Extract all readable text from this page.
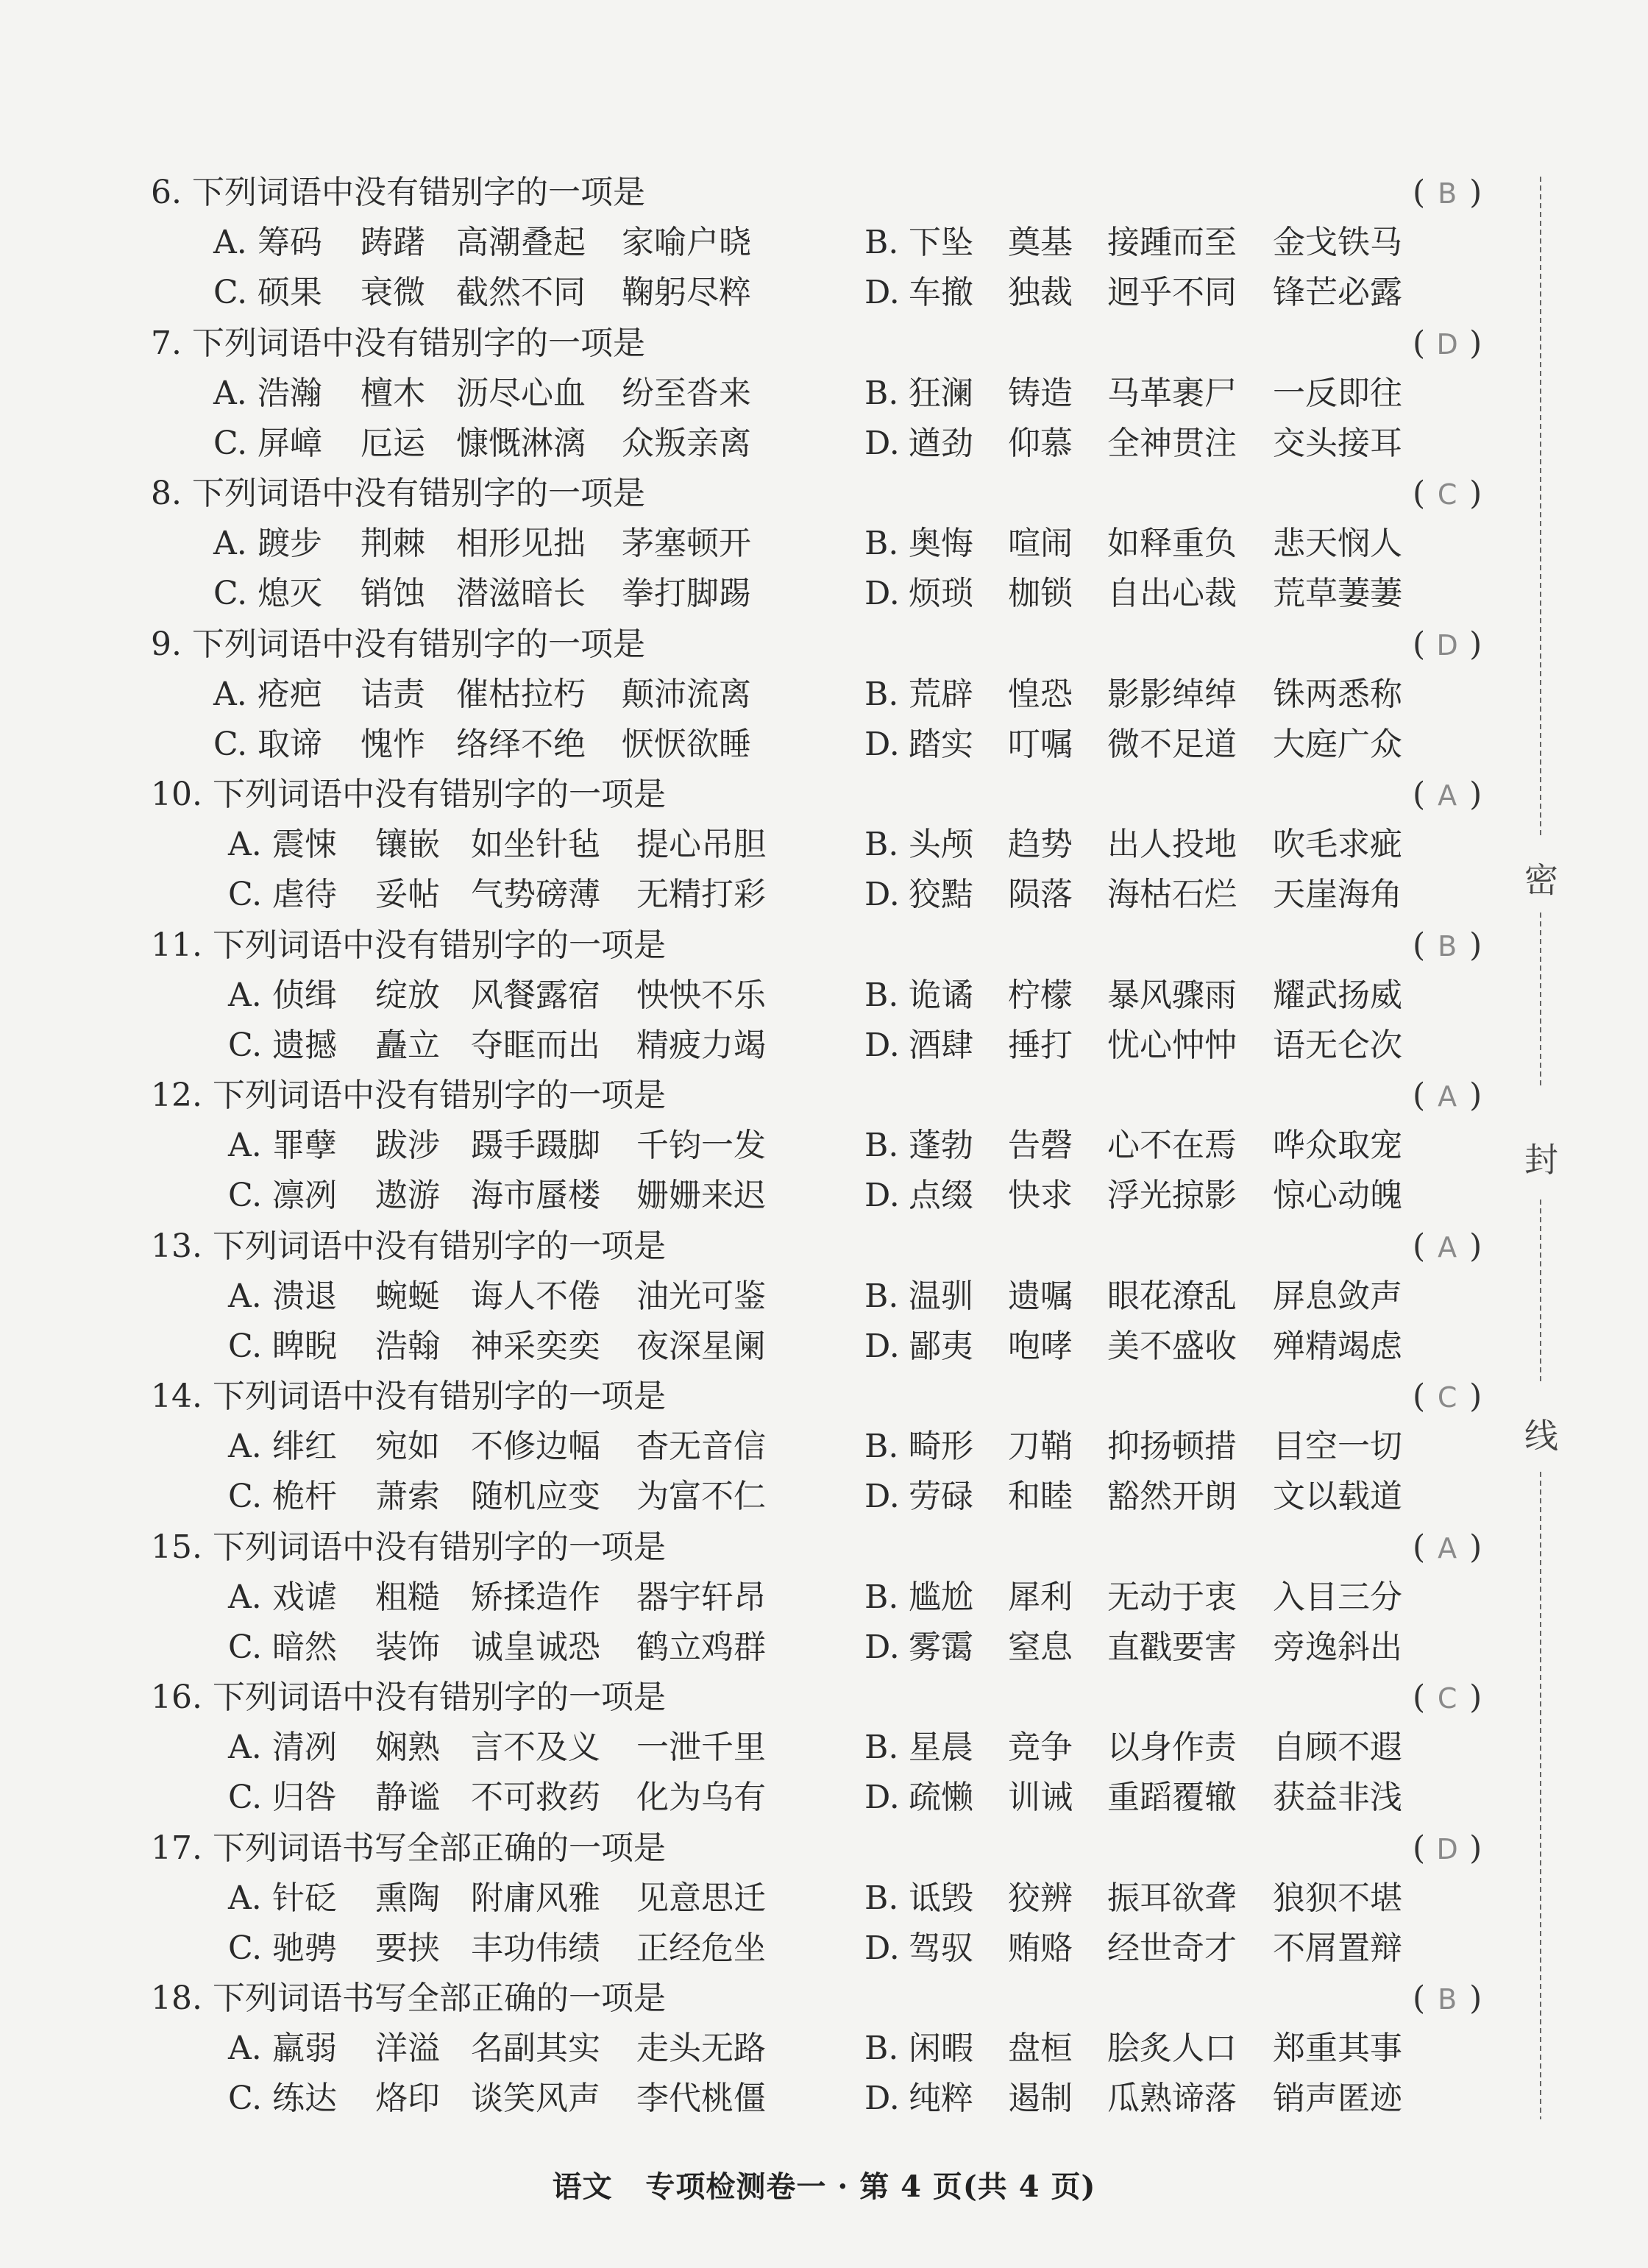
6. 下列词语中没有错别字的一项是	( B )
A. 筹码 踌躇 高潮叠起 家喻户晓	B. 下坠 奠基 接踵而至 金戈铁马
C. 硕果 衰微 截然不同 鞠躬尽粹	D. 车撤 独裁 迥乎不同 锋芒必露
7. 下列词语中没有错别字的一项是	( D )
A. 浩瀚 檀木 沥尽心血 纷至沓来	B. 狂澜 铸造 马革裹尸 一反即往
C. 屏嶂 厄运 慷慨淋漓 众叛亲离	D. 遒劲 仰慕 全神贯注 交头接耳
8. 下列词语中没有错别字的一项是	( C )
A. 踱步 荆棘 相形见拙 茅塞顿开	B. 奥悔 喧闹 如释重负 悲天悯人
C. 熄灭 销蚀 潜滋暗长 拳打脚踢	D. 烦琐 枷锁 自出心裁 荒草萋萋
9. 下列词语中没有错别字的一项是	( D )
A. 疮疤 诘责 催枯拉朽 颠沛流离	B. 荒辟 惶恐 影影绰绰 铢两悉称
C. 取谛 愧怍 络绎不绝 恹恹欲睡	D. 踏实 叮嘱 微不足道 大庭广众
10. 下列词语中没有错别字的一项是	( A )
A. 震悚 镶嵌 如坐针毡 提心吊胆	B. 头颅 趋势 出人投地 吹毛求疵
C. 虐待 妥帖 气势磅薄 无精打彩	D. 狡黠 陨落 海枯石烂 天崖海角
11. 下列词语中没有错别字的一项是	( B )
A. 侦缉 绽放 风餐露宿 怏怏不乐	B. 诡谲 柠檬 暴风骤雨 耀武扬威
C. 遗撼 矗立 夺眶而出 精疲力竭	D. 酒肆 捶打 忧心忡忡 语无仑次
12. 下列词语中没有错别字的一项是	( A )
A. 罪孽 跋涉 蹑手蹑脚 千钧一发	B. 蓬勃 告磬 心不在焉 哗众取宠
C. 凛冽 遨游 海市蜃楼 姗姗来迟	D. 点缀 快求 浮光掠影 惊心动魄
13. 下列词语中没有错别字的一项是	( A )
A. 溃退 蜿蜒 诲人不倦 油光可鉴	B. 温驯 遗嘱 眼花潦乱 屏息敛声
C. 睥睨 浩翰 神采奕奕 夜深星阑	D. 鄙夷 咆哮 美不盛收 殚精竭虑
14. 下列词语中没有错别字的一项是	( C )
A. 绯红 宛如 不修边幅 杳无音信	B. 畸形 刀鞘 抑扬顿措 目空一切
C. 桅杆 萧索 随机应变 为富不仁	D. 劳碌 和睦 豁然开朗 文以载道
15. 下列词语中没有错别字的一项是	( A )
A. 戏谑 粗糙 矫揉造作 器宇轩昂	B. 尴尬 犀利 无动于衷 入目三分
C. 暗然 装饰 诚皇诚恐 鹤立鸡群	D. 雾霭 窒息 直戳要害 旁逸斜出
16. 下列词语中没有错别字的一项是	( C )
A. 清冽 娴熟 言不及义 一泄千里	B. 星晨 竞争 以身作责 自顾不遐
C. 归咎 静谧 不可救药 化为乌有	D. 疏懒 训诫 重蹈覆辙 获益非浅
17. 下列词语书写全部正确的一项是	( D )
A. 针砭 熏陶 附庸风雅 见意思迁	B. 诋毁 狡辨 振耳欲聋 狼狈不堪
C. 驰骋 要挟 丰功伟绩 正经危坐	D. 驾驭 贿赂 经世奇才 不屑置辩
18. 下列词语书写全部正确的一项是	( B )
A. 羸弱 洋溢 名副其实 走头无路	B. 闲暇 盘桓 脍炙人口 郑重其事
C. 练达 烙印 谈笑风声 李代桃僵	D. 纯粹 遏制 瓜熟谛落 销声匿迹
密
封
线
语文 专项检测卷一 · 第 4 页(共 4 页)
